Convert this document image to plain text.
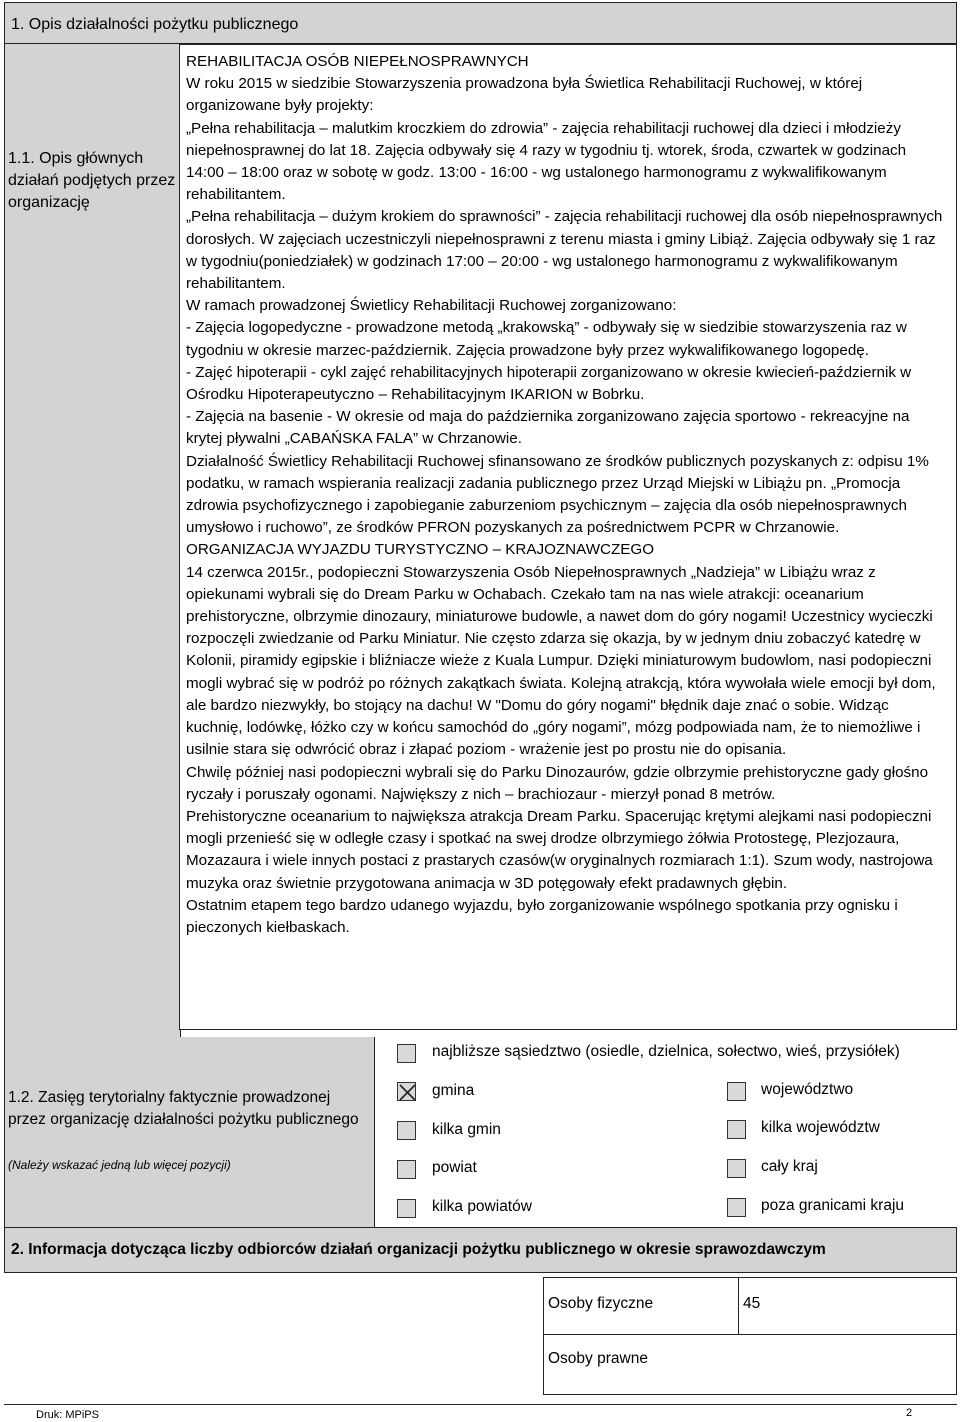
1. Opis działalności pożytku publicznego
1.1. Opis głównych działań podjętych przez organizację

REHABILITACJA OSÓB NIEPEŁNOSPRAWNYCH

W roku 2015 w siedzibie Stowarzyszenia prowadzona była Świetlica Rehabilitacji Ruchowej, w której organizowane były projekty:

„Pełna rehabilitacja – malutkim kroczkiem do zdrowia” - zajęcia rehabilitacji ruchowej dla dzieci i młodzieży niepełnosprawnej do lat 18. Zajęcia odbywały się 4 razy w tygodniu tj. wtorek, środa, czwartek w godzinach 14:00 – 18:00 oraz w sobotę w godz. 13:00 - 16:00 - wg ustalonego harmonogramu z wykwalifikowanym rehabilitantem.

„Pełna rehabilitacja – dużym krokiem do sprawności” - zajęcia rehabilitacji ruchowej dla osób niepełnosprawnych dorosłych. W zajęciach uczestniczyli niepełnosprawni z terenu miasta i gminy Libiąż. Zajęcia odbywały się 1 raz w tygodniu(poniedziałek) w godzinach 17:00 – 20:00 - wg ustalonego harmonogramu z wykwalifikowanym rehabilitantem.

W ramach prowadzonej Świetlicy Rehabilitacji Ruchowej zorganizowano:

- Zajęcia logopedyczne - prowadzone metodą „krakowską” - odbywały się w siedzibie stowarzyszenia raz w tygodniu w okresie marzec-październik. Zajęcia prowadzone były przez wykwalifikowanego logopedę.

- Zajęć hipoterapii - cykl zajęć rehabilitacyjnych hipoterapii zorganizowano w okresie kwiecień-październik w Ośrodku Hipoterapeutyczno – Rehabilitacyjnym IKARION w Bobrku.

- Zajęcia na basenie - W okresie od maja do października zorganizowano zajęcia sportowo - rekreacyjne na krytej pływalni „CABAŃSKA FALA” w Chrzanowie.

Działalność Świetlicy Rehabilitacji Ruchowej sfinansowano ze środków publicznych pozyskanych z: odpisu 1% podatku, w ramach wspierania realizacji zadania publicznego przez Urząd Miejski w Libiążu pn. „Promocja zdrowia psychofizycznego i zapobieganie zaburzeniom psychicznym – zajęcia dla osób niepełnosprawnych umysłowo i ruchowo”, ze środków PFRON pozyskanych za pośrednictwem PCPR w Chrzanowie.

ORGANIZACJA WYJAZDU TURYSTYCZNO – KRAJOZNAWCZEGO

14 czerwca 2015r., podopieczni Stowarzyszenia Osób Niepełnosprawnych „Nadzieja” w Libiążu wraz z opiekunami wybrali się do Dream Parku w Ochabach. Czekało tam na nas wiele atrakcji: oceanarium prehistoryczne, olbrzymie dinozaury, miniaturowe budowle, a nawet dom do góry nogami! Uczestnicy wycieczki rozpoczęli zwiedzanie od Parku Miniatur. Nie często zdarza się okazja, by w jednym dniu zobaczyć katedrę w Kolonii, piramidy egipskie i bliźniacze wieże z Kuala Lumpur. Dzięki miniaturowym budowlom, nasi podopieczni mogli wybrać się w podróż po różnych zakątkach świata. Kolejną atrakcją, która wywołała wiele emocji był dom, ale bardzo niezwykły, bo stojący na dachu! W "Domu do góry nogami" błędnik daje znać o sobie. Widząc kuchnię, lodówkę, łóżko czy w końcu samochód do „góry nogami”, mózg podpowiada nam, że to niemożliwe i usilnie stara się odwrócić obraz i złapać poziom - wrażenie jest po prostu nie do opisania.

Chwilę później nasi podopieczni wybrali się do Parku Dinozaurów, gdzie olbrzymie prehistoryczne gady głośno ryczały i poruszały ogonami. Największy z nich – brachiozaur - mierzył ponad 8 metrów.

Prehistoryczne oceanarium to największa atrakcja Dream Parku. Spacerując krętymi alejkami nasi podopieczni mogli przenieść się w odległe czasy i spotkać na swej drodze olbrzymiego żółwia Protostegę, Plezjozaura, Mozazaura i wiele innych postaci z prastarych czasów(w oryginalnych rozmiarach 1:1). Szum wody, nastrojowa muzyka oraz świetnie przygotowana animacja w 3D potęgowały efekt pradawnych głębin.

Ostatnim etapem tego bardzo udanego wyjazdu, było zorganizowanie wspólnego spotkania przy ognisku i pieczonych kiełbaskach.

1.2. Zasięg terytorialny faktycznie prowadzonej przez organizację działalności pożytku publicznego
(Należy wskazać jedną lub więcej pozycji)
najbliższe sąsiedztwo (osiedle, dzielnica, sołectwo, wieś, przysiółek)
gmina	województwo
kilka gmin	kilka województw
powiat	cały kraj
kilka powiatów	poza granicami kraju
2. Informacja dotycząca liczby odbiorców działań organizacji pożytku publicznego w okresie sprawozdawczym
Osoby fizyczne	45
Osoby prawne
Druk: MPiPS	2
